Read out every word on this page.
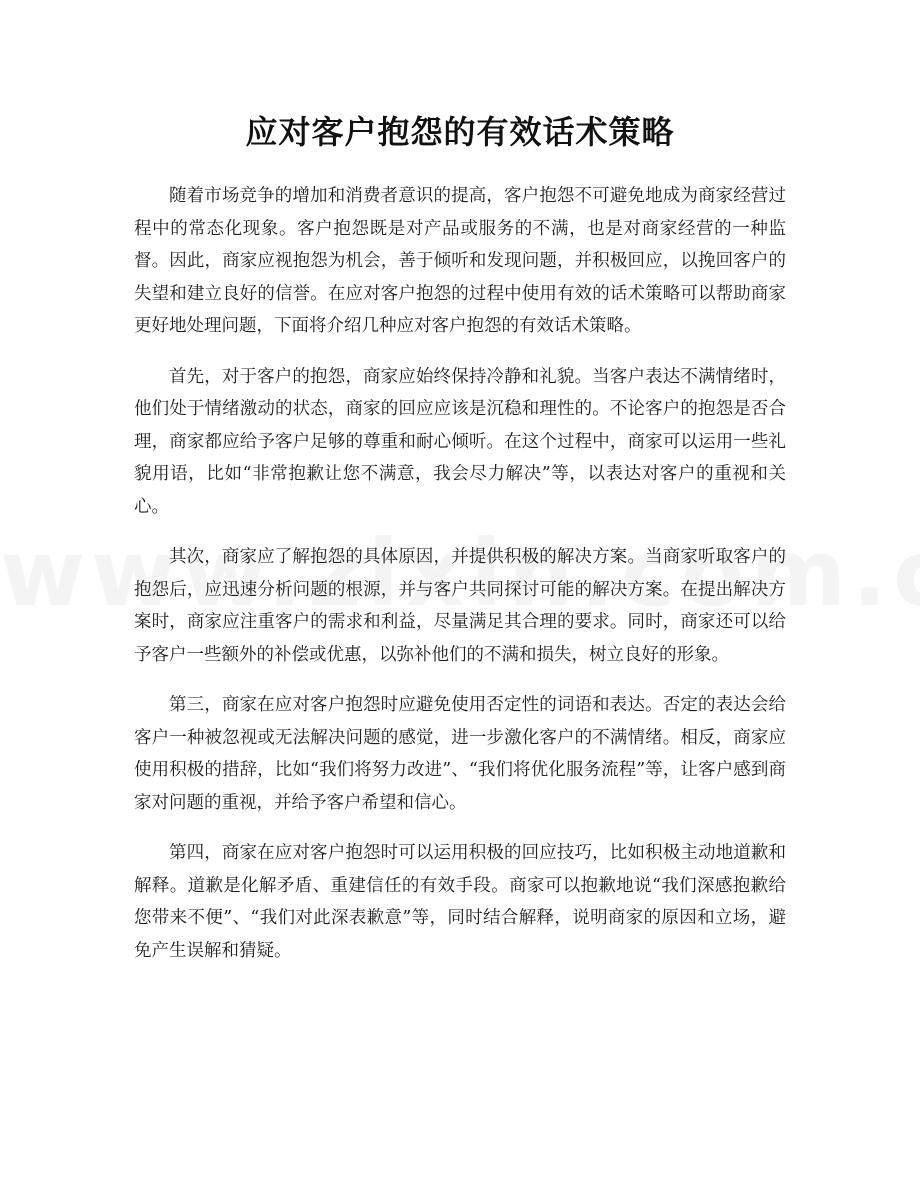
应对客户抱怨的有效话术策略

随着市场竞争的增加和消费者意识的提高，客户抱怨不可避免地成为商家经营过程中的常态化现象。客户抱怨既是对产品或服务的不满，也是对商家经营的一种监督。因此，商家应视抱怨为机会，善于倾听和发现问题，并积极回应，以挽回客户的失望和建立良好的信誉。在应对客户抱怨的过程中使用有效的话术策略可以帮助商家更好地处理问题，下面将介绍几种应对客户抱怨的有效话术策略。

首先，对于客户的抱怨，商家应始终保持冷静和礼貌。当客户表达不满情绪时，他们处于情绪激动的状态，商家的回应应该是沉稳和理性的。不论客户的抱怨是否合理，商家都应给予客户足够的尊重和耐心倾听。在这个过程中，商家可以运用一些礼貌用语，比如“非常抱歉让您不满意，我会尽力解决”等，以表达对客户的重视和关心。

其次，商家应了解抱怨的具体原因，并提供积极的解决方案。当商家听取客户的抱怨后，应迅速分析问题的根源，并与客户共同探讨可能的解决方案。在提出解决方案时，商家应注重客户的需求和利益，尽量满足其合理的要求。同时，商家还可以给予客户一些额外的补偿或优惠，以弥补他们的不满和损失，树立良好的形象。

第三，商家在应对客户抱怨时应避免使用否定性的词语和表达。否定的表达会给客户一种被忽视或无法解决问题的感觉，进一步激化客户的不满情绪。相反，商家应使用积极的措辞，比如“我们将努力改进”、“我们将优化服务流程”等，让客户感到商家对问题的重视，并给予客户希望和信心。

第四，商家在应对客户抱怨时可以运用积极的回应技巧，比如积极主动地道歉和解释。道歉是化解矛盾、重建信任的有效手段。商家可以抱歉地说“我们深感抱歉给您带来不便”、“我们对此深表歉意”等，同时结合解释，说明商家的原因和立场，避免产生误解和猜疑。
